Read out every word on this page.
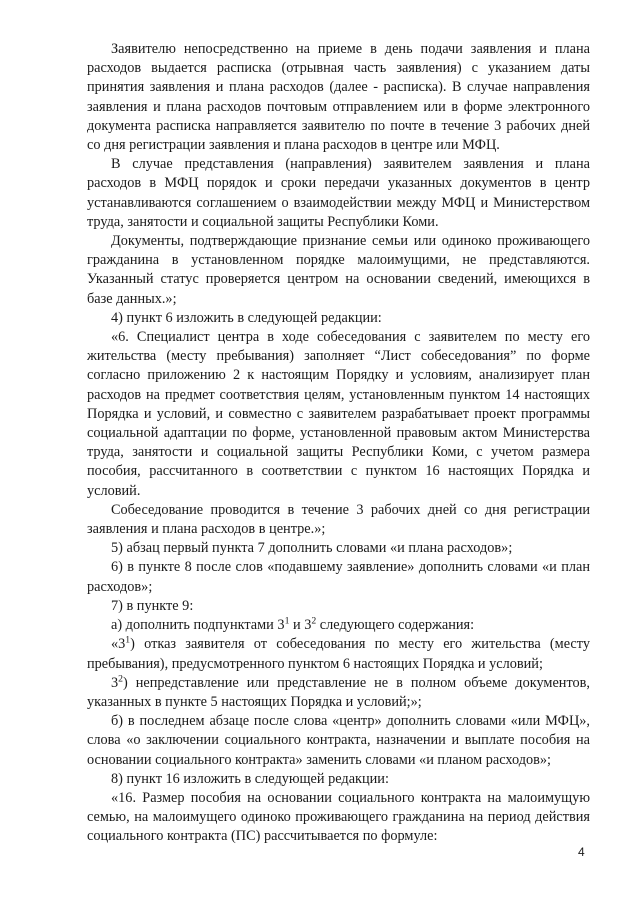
Заявителю непосредственно на приеме в день подачи заявления и плана расходов выдается расписка (отрывная часть заявления) с указанием даты принятия заявления и плана расходов (далее - расписка). В случае направления заявления и плана расходов почтовым отправлением или в форме электронного документа расписка направляется заявителю по почте в течение 3 рабочих дней со дня регистрации заявления и плана расходов в центре или МФЦ.

В случае представления (направления) заявителем заявления и плана расходов в МФЦ порядок и сроки передачи указанных документов в центр устанавливаются соглашением о взаимодействии между МФЦ и Министерством труда, занятости и социальной защиты Республики Коми.

Документы, подтверждающие признание семьи или одиноко проживающего гражданина в установленном порядке малоимущими, не представляются. Указанный статус проверяется центром на основании сведений, имеющихся в базе данных.»;

4) пункт 6 изложить в следующей редакции:

«6. Специалист центра в ходе собеседования с заявителем по месту его жительства (месту пребывания) заполняет “Лист собеседования” по форме согласно приложению 2 к настоящим Порядку и условиям, анализирует план расходов на предмет соответствия целям, установленным пунктом 14 настоящих Порядка и условий, и совместно с заявителем разрабатывает проект программы социальной адаптации по форме, установленной правовым актом Министерства труда, занятости и социальной защиты Республики Коми, с учетом размера пособия, рассчитанного в соответствии с пунктом 16 настоящих Порядка и условий.

Собеседование проводится в течение 3 рабочих дней со дня регистрации заявления и плана расходов в центре.»;

5) абзац первый пункта 7 дополнить словами «и плана расходов»;

6) в пункте 8 после слов «подавшему заявление» дополнить словами «и план расходов»;

7) в пункте 9:

а) дополнить подпунктами $3^1$ и $3^2$ следующего содержания:

«$3^1$) отказ заявителя от собеседования по месту его жительства (месту пребывания), предусмотренного пунктом 6 настоящих Порядка и условий;

$3^2$) непредставление или представление не в полном объеме документов, указанных в пункте 5 настоящих Порядка и условий;»;

б) в последнем абзаце после слова «центр» дополнить словами «или МФЦ», слова «о заключении социального контракта, назначении и выплате пособия на основании социального контракта» заменить словами «и планом расходов»;

8) пункт 16 изложить в следующей редакции:

«16. Размер пособия на основании социального контракта на малоимущую семью, на малоимущего одиноко проживающего гражданина на период действия социального контракта (ПС) рассчитывается по формуле:

4
